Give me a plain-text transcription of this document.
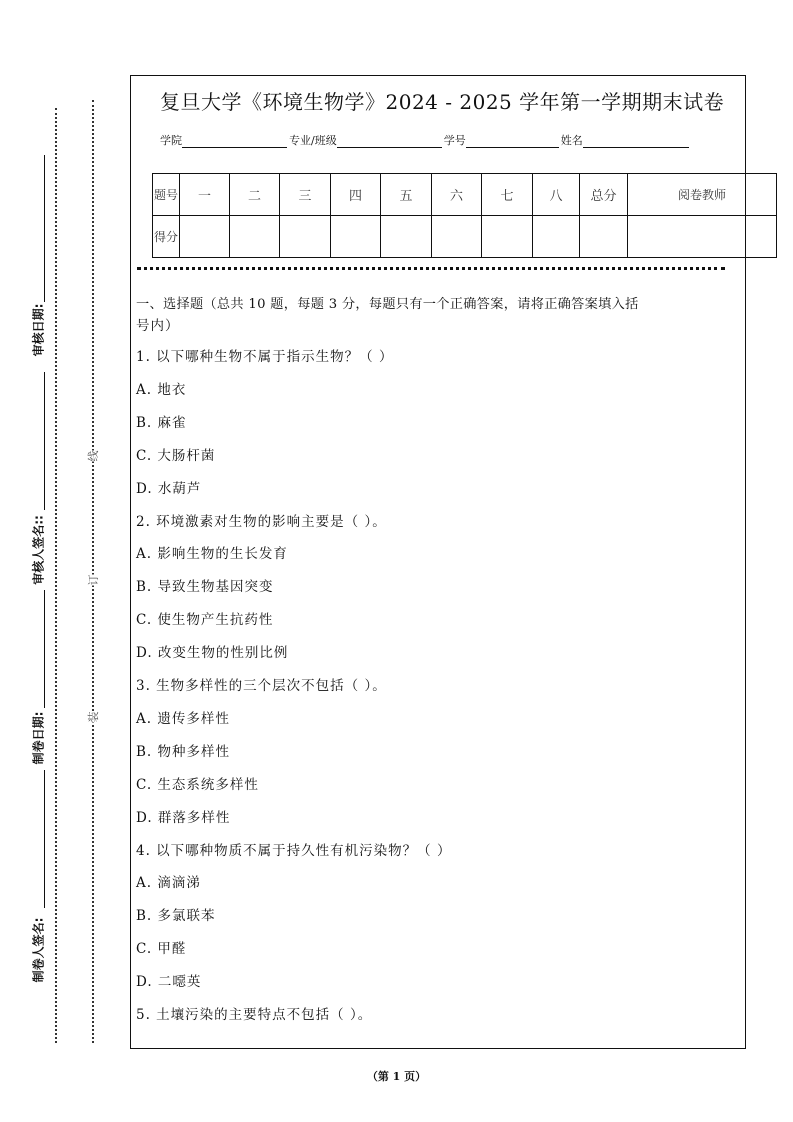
制卷人签名:
制卷日期:
审核人签名::
审核日期:
装
订
线
复旦大学《环境生物学》2024 - 2025 学年第一学期期末试卷
学院	专业/班级	学号	姓名
题号	一	二	三	四	五	六	七	八	总分	阅卷教师
得分										
一、选择题（总共 10 题，每题 3 分，每题只有一个正确答案，请将正确答案填入括
号内）
1. 以下哪种生物不属于指示生物？（ ）
A. 地衣
B. 麻雀
C. 大肠杆菌
D. 水葫芦
2. 环境激素对生物的影响主要是（ ）。
A. 影响生物的生长发育
B. 导致生物基因突变
C. 使生物产生抗药性
D. 改变生物的性别比例
3. 生物多样性的三个层次不包括（ ）。
A. 遗传多样性
B. 物种多样性
C. 生态系统多样性
D. 群落多样性
4. 以下哪种物质不属于持久性有机污染物？（ ）
A. 滴滴涕
B. 多氯联苯
C. 甲醛
D. 二噁英
5. 土壤污染的主要特点不包括（ ）。
（第 1 页）
